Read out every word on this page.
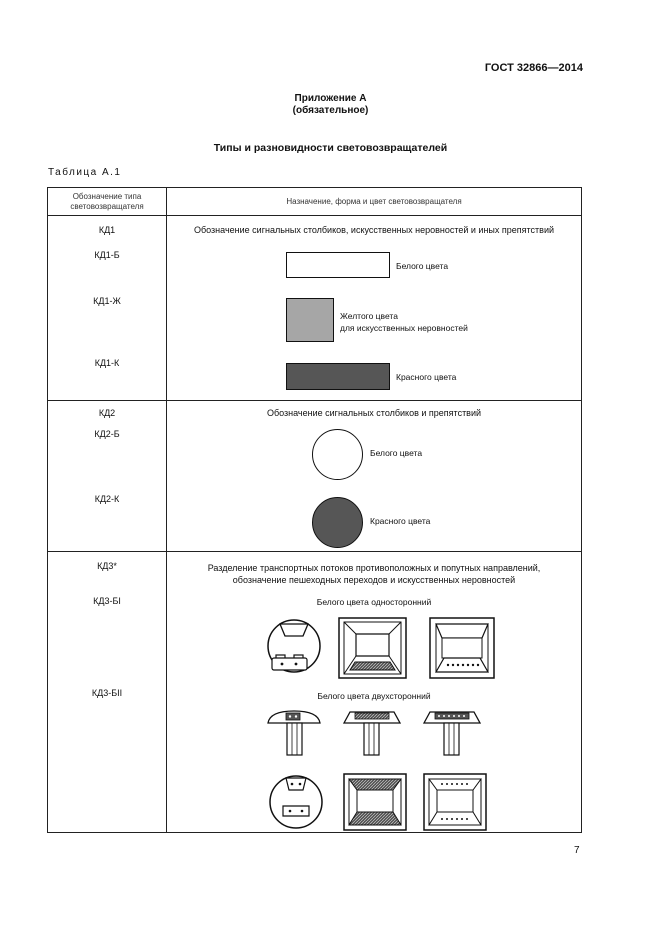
ГОСТ 32866—2014
Приложение А
(обязательное)
Типы и разновидности световозвращателей
Таблица А.1
Обозначение типа
световозвращателя
Назначение, форма и цвет световозвращателя
КД1
КД1-Б
КД1-Ж
КД1-К
Обозначение сигнальных столбиков, искусственных неровностей и иных препятствий
Белого цвета
Желтого цвета
для искусственных неровностей
Красного цвета
КД2
КД2-Б
КД2-К
Обозначение сигнальных столбиков и препятствий
Белого цвета
Красного цвета
КД3*
КД3-БI
КД3-БII
Разделение транспортных потоков противоположных и попутных направлений,
обозначение пешеходных переходов и искусственных неровностей
Белого цвета односторонний
Белого цвета двухсторонний
7
